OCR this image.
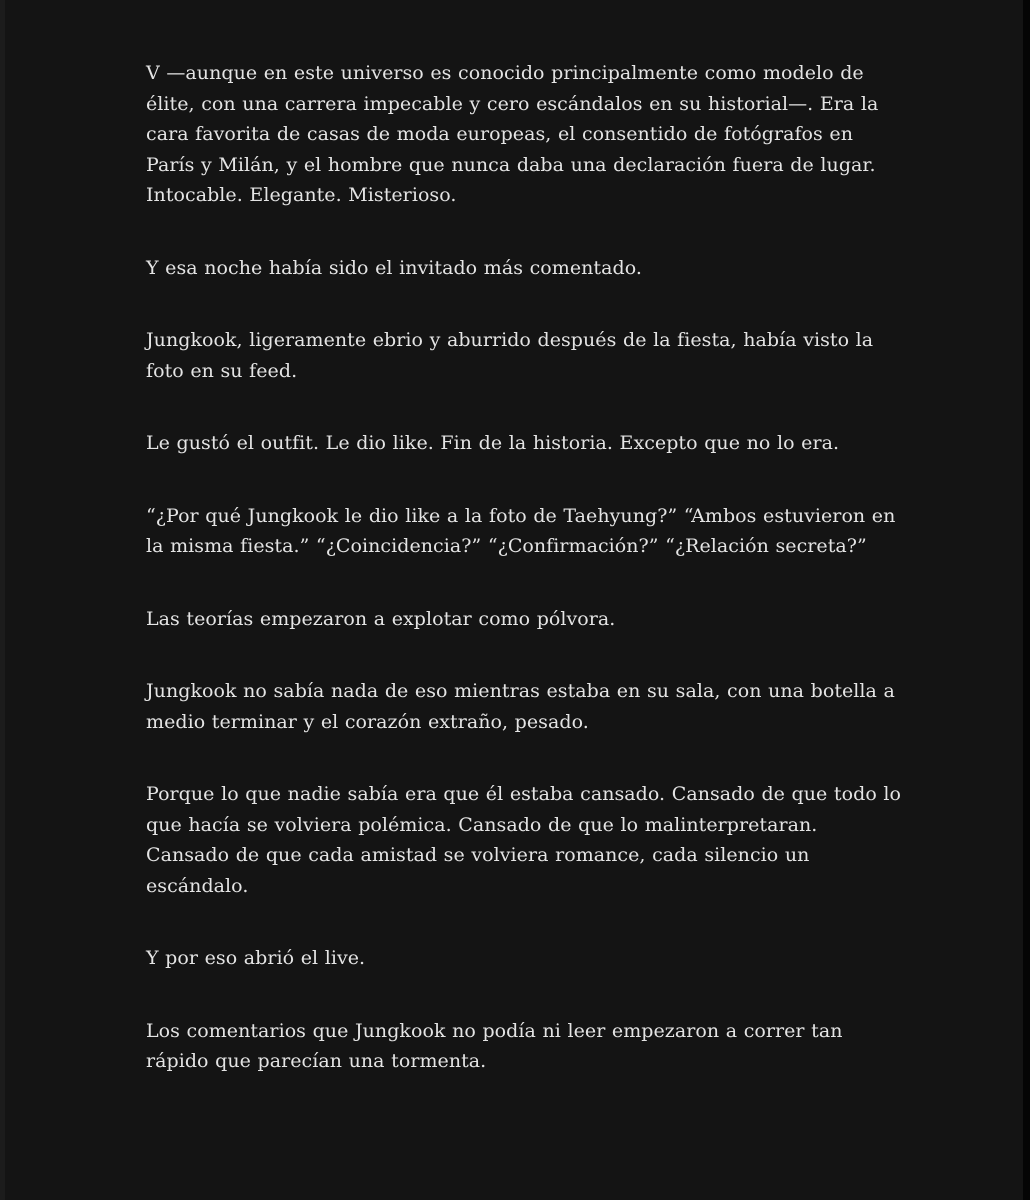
V —aunque en este universo es conocido principalmente como modelo de élite, con una carrera impecable y cero escándalos en su historial—. Era la cara favorita de casas de moda europeas, el consentido de fotógrafos en París y Milán, y el hombre que nunca daba una declaración fuera de lugar. Intocable. Elegante. Misterioso.

Y esa noche había sido el invitado más comentado.

Jungkook, ligeramente ebrio y aburrido después de la fiesta, había visto la foto en su feed.

Le gustó el outfit. Le dio like. Fin de la historia. Excepto que no lo era.

“¿Por qué Jungkook le dio like a la foto de Taehyung?” “Ambos estuvieron en la misma fiesta.” “¿Coincidencia?” “¿Confirmación?” “¿Relación secreta?”

Las teorías empezaron a explotar como pólvora.

Jungkook no sabía nada de eso mientras estaba en su sala, con una botella a medio terminar y el corazón extraño, pesado.

Porque lo que nadie sabía era que él estaba cansado. Cansado de que todo lo que hacía se volviera polémica. Cansado de que lo malinterpretaran. Cansado de que cada amistad se volviera romance, cada silencio un escándalo.

Y por eso abrió el live.

Los comentarios que Jungkook no podía ni leer empezaron a correr tan rápido que parecían una tormenta.
